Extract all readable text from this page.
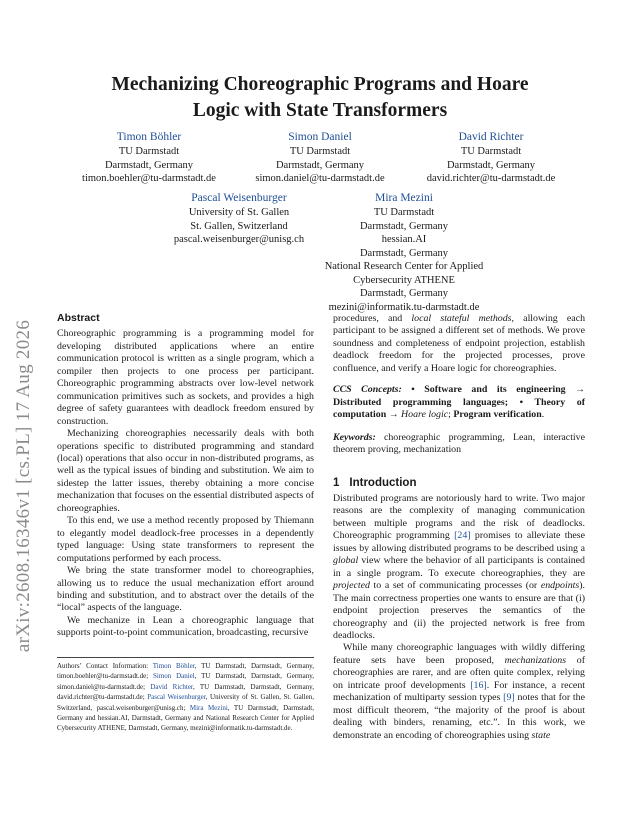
arXiv:2608.16346v1 [cs.PL] 17 Aug 2026
Mechanizing Choreographic Programs and Hoare
Logic with State Transformers
Timon Böhler
TU Darmstadt
Darmstadt, Germany
timon.boehler@tu-darmstadt.de
Simon Daniel
TU Darmstadt
Darmstadt, Germany
simon.daniel@tu-darmstadt.de
David Richter
TU Darmstadt
Darmstadt, Germany
david.richter@tu-darmstadt.de
Pascal Weisenburger
University of St. Gallen
St. Gallen, Switzerland
pascal.weisenburger@unisg.ch
Mira Mezini
TU Darmstadt
Darmstadt, Germany
hessian.AI
Darmstadt, Germany
National Research Center for Applied
Cybersecurity ATHENE
Darmstadt, Germany
mezini@informatik.tu-darmstadt.de
Abstract

Choreographic programming is a programming model for developing distributed applications where an entire communication protocol is written as a single program, which a compiler then projects to one process per participant. Choreographic programming abstracts over low-level network communication primitives such as sockets, and provides a high degree of safety guarantees with deadlock freedom ensured by construction.

Mechanizing choreographies necessarily deals with both operations specific to distributed programming and standard (local) operations that also occur in non-distributed programs, as well as the typical issues of binding and substitution. We aim to sidestep the latter issues, thereby obtaining a more concise mechanization that focuses on the essential distributed aspects of choreographies.

To this end, we use a method recently proposed by Thiemann to elegantly model deadlock-free processes in a dependently typed language: Using state transformers to represent the computations performed by each process.

We bring the state transformer model to choreographies, allowing us to reduce the usual mechanization effort around binding and substitution, and to abstract over the details of the “local” aspects of the language.

We mechanize in Lean a choreographic language that supports point-to-point communication, broadcasting, recursive

Authors’ Contact Information: Timon Böhler, TU Darmstadt, Darmstadt, Germany, timon.boehler@tu-darmstadt.de; Simon Daniel, TU Darmstadt, Darmstadt, Germany, simon.daniel@tu-darmstadt.de; David Richter, TU Darmstadt, Darmstadt, Germany, david.richter@tu-darmstadt.de; Pascal Weisenburger, University of St. Gallen, St. Gallen, Switzerland, pascal.weisenburger@unisg.ch; Mira Mezini, TU Darmstadt, Darmstadt, Germany and hessian.AI, Darmstadt, Germany and National Research Center for Applied Cybersecurity ATHENE, Darmstadt, Germany, mezini@informatik.tu-darmstadt.de.

procedures, and local stateful methods, allowing each participant to be assigned a different set of methods. We prove soundness and completeness of endpoint projection, establish deadlock freedom for the projected processes, prove confluence, and verify a Hoare logic for choreographies.

CCS Concepts: • Software and its engineering → Distributed programming languages; • Theory of computation → Hoare logic; Program verification.

Keywords: choreographic programming, Lean, interactive theorem proving, mechanization

1 Introduction

Distributed programs are notoriously hard to write. Two major reasons are the complexity of managing communication between multiple programs and the risk of deadlocks. Choreographic programming [24] promises to alleviate these issues by allowing distributed programs to be described using a global view where the behavior of all participants is contained in a single program. To execute choreographies, they are projected to a set of communicating processes (or endpoints). The main correctness properties one wants to ensure are that (i) endpoint projection preserves the semantics of the choreography and (ii) the projected network is free from deadlocks.

While many choreographic languages with wildly differing feature sets have been proposed, mechanizations of choreographies are rarer, and are often quite complex, relying on intricate proof developments [16]. For instance, a recent mechanization of multiparty session types [9] notes that for the most difficult theorem, “the majority of the proof is about dealing with binders, renaming, etc.”. In this work, we demonstrate an encoding of choreographies using state
